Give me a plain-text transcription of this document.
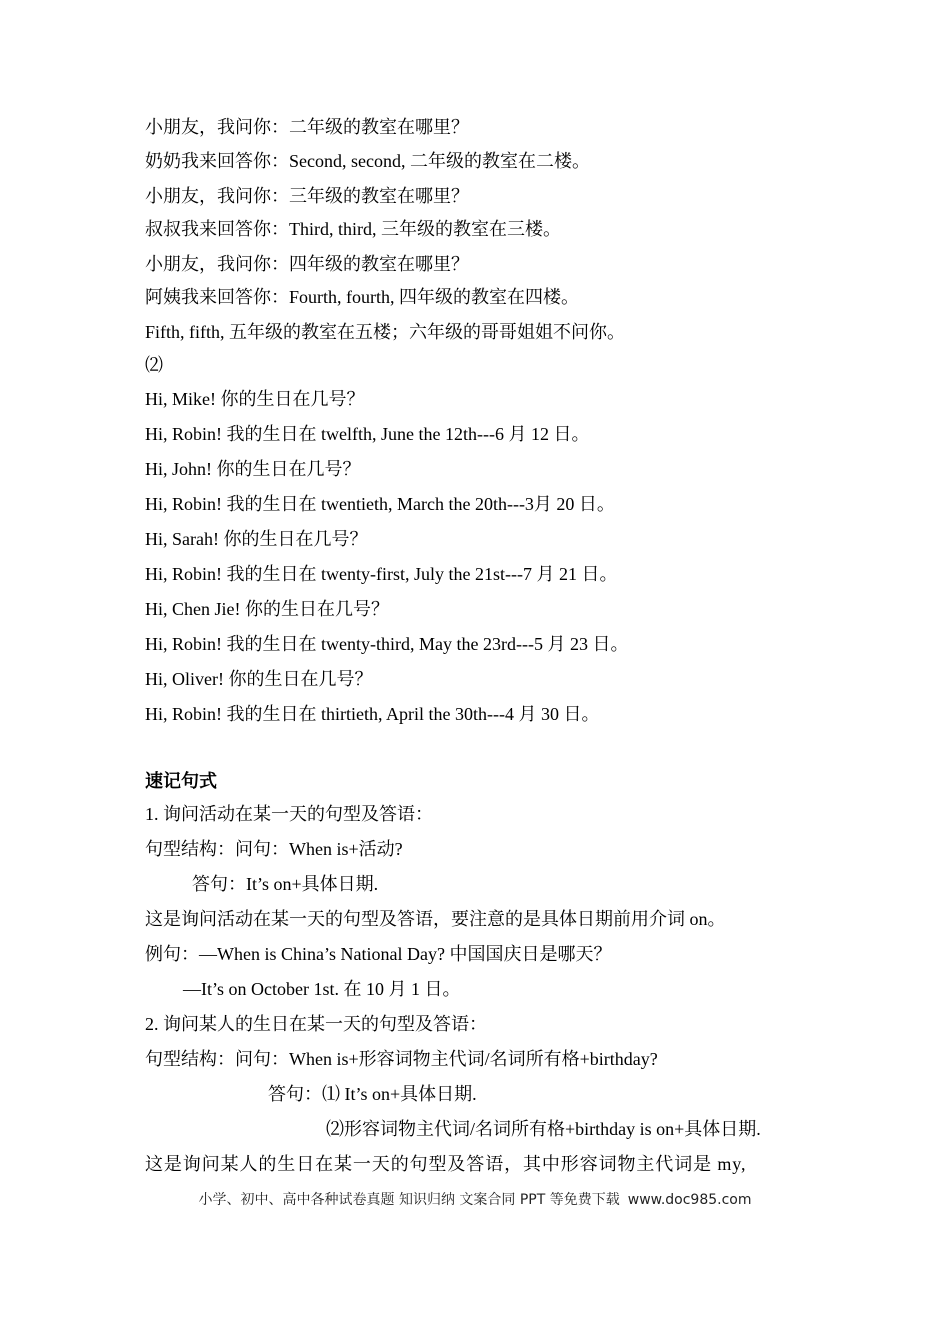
小朋友，我问你：二年级的教室在哪里？
奶奶我来回答你：Second, second, 二年级的教室在二楼。
小朋友，我问你：三年级的教室在哪里？
叔叔我来回答你：Third, third, 三年级的教室在三楼。
小朋友，我问你：四年级的教室在哪里？
阿姨我来回答你：Fourth, fourth, 四年级的教室在四楼。
Fifth, fifth, 五年级的教室在五楼；六年级的哥哥姐姐不问你。
⑵
Hi, Mike! 你的生日在几号？
Hi, Robin! 我的生日在 twelfth, June the 12th---6 月 12 日。
Hi, John! 你的生日在几号？
Hi, Robin! 我的生日在 twentieth, March the 20th---3月 20 日。
Hi, Sarah! 你的生日在几号？
Hi, Robin! 我的生日在 twenty-first, July the 21st---7 月 21 日。
Hi, Chen Jie! 你的生日在几号？
Hi, Robin! 我的生日在 twenty-third, May the 23rd---5 月 23 日。
Hi, Oliver! 你的生日在几号？
Hi, Robin! 我的生日在 thirtieth, April the 30th---4 月 30 日。
速记句式
1. 询问活动在某一天的句型及答语：
句型结构：问句：When is+活动?
答句：It’s on+具体日期.
这是询问活动在某一天的句型及答语，要注意的是具体日期前用介词 on。
例句：—When is China’s National Day? 中国国庆日是哪天？
—It’s on October 1st. 在 10 月 1 日。
2. 询问某人的生日在某一天的句型及答语：
句型结构：问句：When is+形容词物主代词/名词所有格+birthday?
答句：⑴ It’s on+具体日期.
⑵形容词物主代词/名词所有格+birthday is on+具体日期.
这是询问某人的生日在某一天的句型及答语，其中形容词物主代词是 my,
小学、初中、高中各种试卷真题 知识归纳 文案合同 PPT 等免费下载 www.doc985.com
